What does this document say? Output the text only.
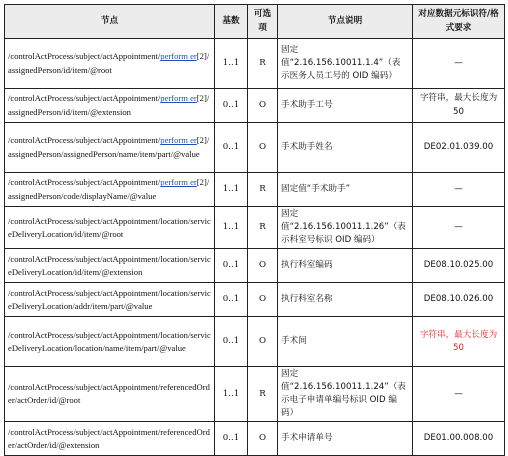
节点	基数	可选项	节点说明	对应数据元标识符/格式要求
/controlActProcess/subject/actAppointment/perform er[2]/assignedPerson/id/item/@root	1..1	R	固定值“2.16.156.10011.1.4”（表示医务人员工号的 OID 编码）	—
/controlActProcess/subject/actAppointment/perform er[2]/assignedPerson/id/item/@extension	0..1	O	手术助手工号	字符串，最大长度为 50
/controlActProcess/subject/actAppointment/perform er[2]/assignedPerson/assignedPerson/name/item/part/@value	0..1	O	手术助手姓名	DE02.01.039.00
/controlActProcess/subject/actAppointment/perform er[2]/assignedPerson/code/displayName/@value	1..1	R	固定值“手术助手”	—
/controlActProcess/subject/actAppointment/location/serviceDeliveryLocation/id/item/@root	1..1	R	固定值“2.16.156.10011.1.26”（表示科室号标识 OID 编码）	—
/controlActProcess/subject/actAppointment/location/serviceDeliveryLocation/id/item/@extension	0..1	O	执行科室编码	DE08.10.025.00
/controlActProcess/subject/actAppointment/location/serviceDeliveryLocation/addr/item/part/@value	0..1	O	执行科室名称	DE08.10.026.00
/controlActProcess/subject/actAppointment/location/serviceDeliveryLocation/location/name/item/part/@value	0..1	O	手术间	字符串，最大长度为 50
/controlActProcess/subject/actAppointment/referencedOrder/actOrder/id/@root	1..1	R	固定值“2.16.156.10011.1.24”（表示电子申请单编号标识 OID 编码）	—
/controlActProcess/subject/actAppointment/referencedOrder/actOrder/id/@extension	0..1	O	手术申请单号	DE01.00.008.00
